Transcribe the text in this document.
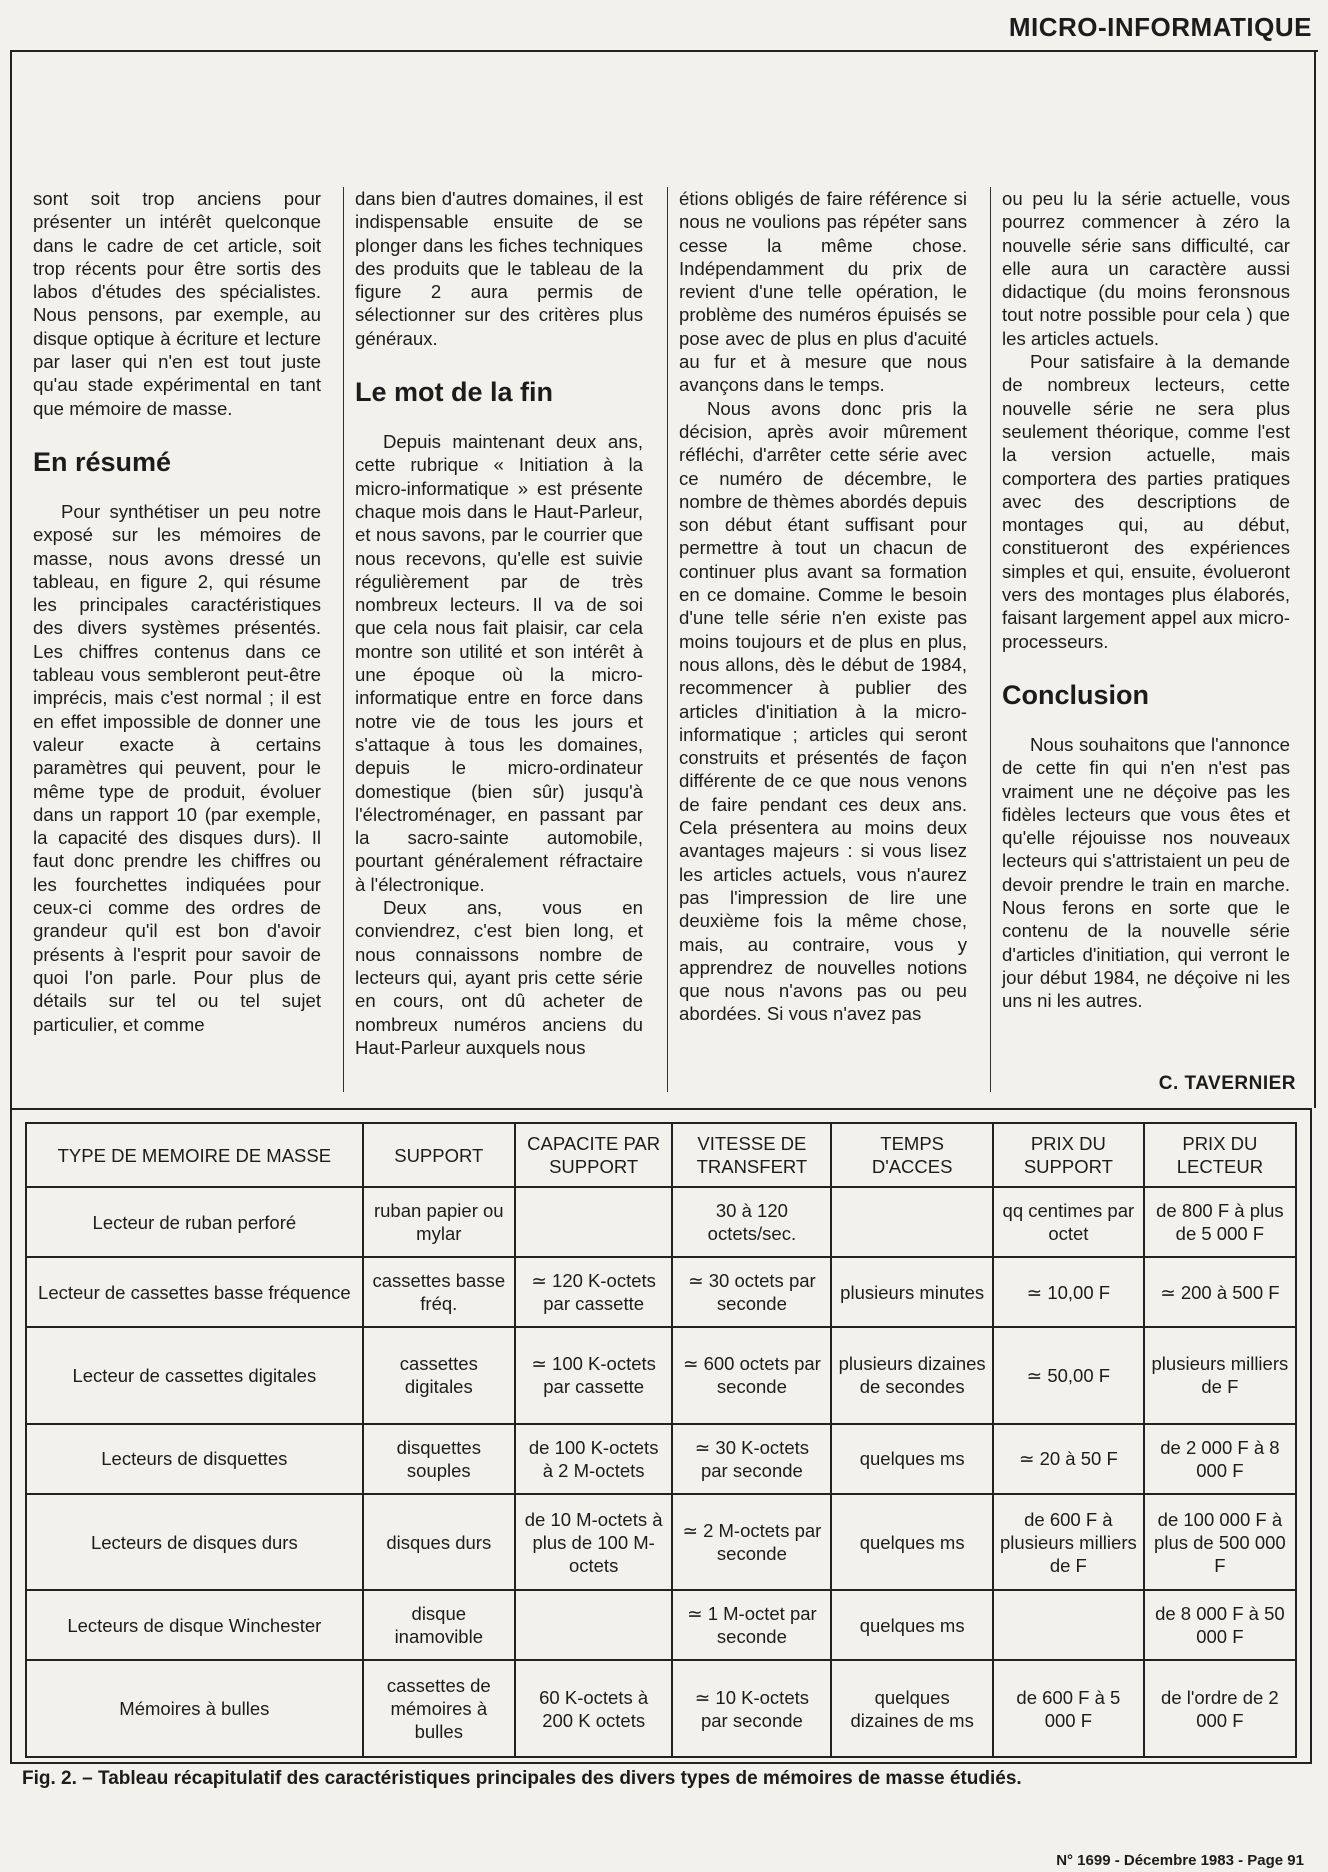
MICRO-INFORMATIQUE

sont soit trop anciens pour présenter un intérêt quelconque dans le cadre de cet article, soit trop récents pour être sortis des labos d'études des spécialistes. Nous pensons, par exemple, au disque optique à écriture et lecture par laser qui n'en est tout juste qu'au stade expérimental en tant que mémoire de masse.

En résumé

Pour synthétiser un peu notre exposé sur les mémoires de masse, nous avons dressé un tableau, en figure 2, qui résume les principales caractéristiques des divers systèmes présentés. Les chiffres contenus dans ce tableau vous sembleront peut-être imprécis, mais c'est normal ; il est en effet impossible de donner une valeur exacte à certains paramètres qui peuvent, pour le même type de produit, évoluer dans un rapport 10 (par exemple, la capacité des disques durs). Il faut donc prendre les chiffres ou les fourchettes indiquées pour ceux-ci comme des ordres de grandeur qu'il est bon d'avoir présents à l'esprit pour savoir de quoi l'on parle. Pour plus de détails sur tel ou tel sujet particulier, et comme

dans bien d'autres domaines, il est indispensable ensuite de se plonger dans les fiches techniques des produits que le tableau de la figure 2 aura permis de sélectionner sur des critères plus généraux.

Le mot de la fin

Depuis maintenant deux ans, cette rubrique « Initiation à la micro-informatique » est présente chaque mois dans le Haut-Parleur, et nous savons, par le courrier que nous recevons, qu'elle est suivie régulièrement par de très nombreux lecteurs. Il va de soi que cela nous fait plaisir, car cela montre son utilité et son intérêt à une époque où la micro-informatique entre en force dans notre vie de tous les jours et s'attaque à tous les domaines, depuis le micro-ordinateur domestique (bien sûr) jusqu'à l'électroménager, en passant par la sacro-sainte automobile, pourtant généralement réfractaire à l'électronique.

Deux ans, vous en conviendrez, c'est bien long, et nous connaissons nombre de lecteurs qui, ayant pris cette série en cours, ont dû acheter de nombreux numéros anciens du Haut-Parleur auxquels nous

étions obligés de faire référence si nous ne voulions pas répéter sans cesse la même chose. Indépendamment du prix de revient d'une telle opération, le problème des numéros épuisés se pose avec de plus en plus d'acuité au fur et à mesure que nous avançons dans le temps.

Nous avons donc pris la décision, après avoir mûrement réfléchi, d'arrêter cette série avec ce numéro de décembre, le nombre de thèmes abordés depuis son début étant suffisant pour permettre à tout un chacun de continuer plus avant sa formation en ce domaine. Comme le besoin d'une telle série n'en existe pas moins toujours et de plus en plus, nous allons, dès le début de 1984, recommencer à publier des articles d'initiation à la micro-informatique ; articles qui seront construits et présentés de façon différente de ce que nous venons de faire pendant ces deux ans. Cela présentera au moins deux avantages majeurs : si vous lisez les articles actuels, vous n'aurez pas l'impression de lire une deuxième fois la même chose, mais, au contraire, vous y apprendrez de nouvelles notions que nous n'avons pas ou peu abordées. Si vous n'avez pas

ou peu lu la série actuelle, vous pourrez commencer à zéro la nouvelle série sans difficulté, car elle aura un caractère aussi didactique (du moins feronsnous tout notre possible pour cela ) que les articles actuels.

Pour satisfaire à la demande de nombreux lecteurs, cette nouvelle série ne sera plus seulement théorique, comme l'est la version actuelle, mais comportera des parties pratiques avec des descriptions de montages qui, au début, constitueront des expériences simples et qui, ensuite, évolueront vers des montages plus élaborés, faisant largement appel aux micro-processeurs.

Conclusion

Nous souhaitons que l'annonce de cette fin qui n'en n'est pas vraiment une ne déçoive pas les fidèles lecteurs que vous êtes et qu'elle réjouisse nos nouveaux lecteurs qui s'attristaient un peu de devoir prendre le train en marche. Nous ferons en sorte que le contenu de la nouvelle série d'articles d'initiation, qui verront le jour début 1984, ne déçoive ni les uns ni les autres.

C. TAVERNIER
TYPE DE MEMOIRE DE MASSE	SUPPORT	CAPACITE PAR SUPPORT	VITESSE DE TRANSFERT	TEMPS D'ACCES	PRIX DU SUPPORT	PRIX DU LECTEUR
Lecteur de ruban perforé	ruban papier ou mylar		30 à 120 octets/sec.		qq centimes par octet	de 800 F à plus de 5 000 F
Lecteur de cassettes basse fréquence	cassettes basse fréq.	≃ 120 K-octets par cassette	≃ 30 octets par seconde	plusieurs minutes	≃ 10,00 F	≃ 200 à 500 F
Lecteur de cassettes digitales	cassettes digitales	≃ 100 K-octets par cassette	≃ 600 octets par seconde	plusieurs dizaines de secondes	≃ 50,00 F	plusieurs milliers de F
Lecteurs de disquettes	disquettes souples	de 100 K-octets à 2 M-octets	≃ 30 K-octets par seconde	quelques ms	≃ 20 à 50 F	de 2 000 F à 8 000 F
Lecteurs de disques durs	disques durs	de 10 M-octets à plus de 100 M-octets	≃ 2 M-octets par seconde	quelques ms	de 600 F à plusieurs milliers de F	de 100 000 F à plus de 500 000 F
Lecteurs de disque Winchester	disque inamovible		≃ 1 M-octet par seconde	quelques ms		de 8 000 F à 50 000 F
Mémoires à bulles	cassettes de mémoires à bulles	60 K-octets à 200 K octets	≃ 10 K-octets par seconde	quelques dizaines de ms	de 600 F à 5 000 F	de l'ordre de 2 000 F
Fig. 2. – Tableau récapitulatif des caractéristiques principales des divers types de mémoires de masse étudiés.
N° 1699 - Décembre 1983 - Page 91
